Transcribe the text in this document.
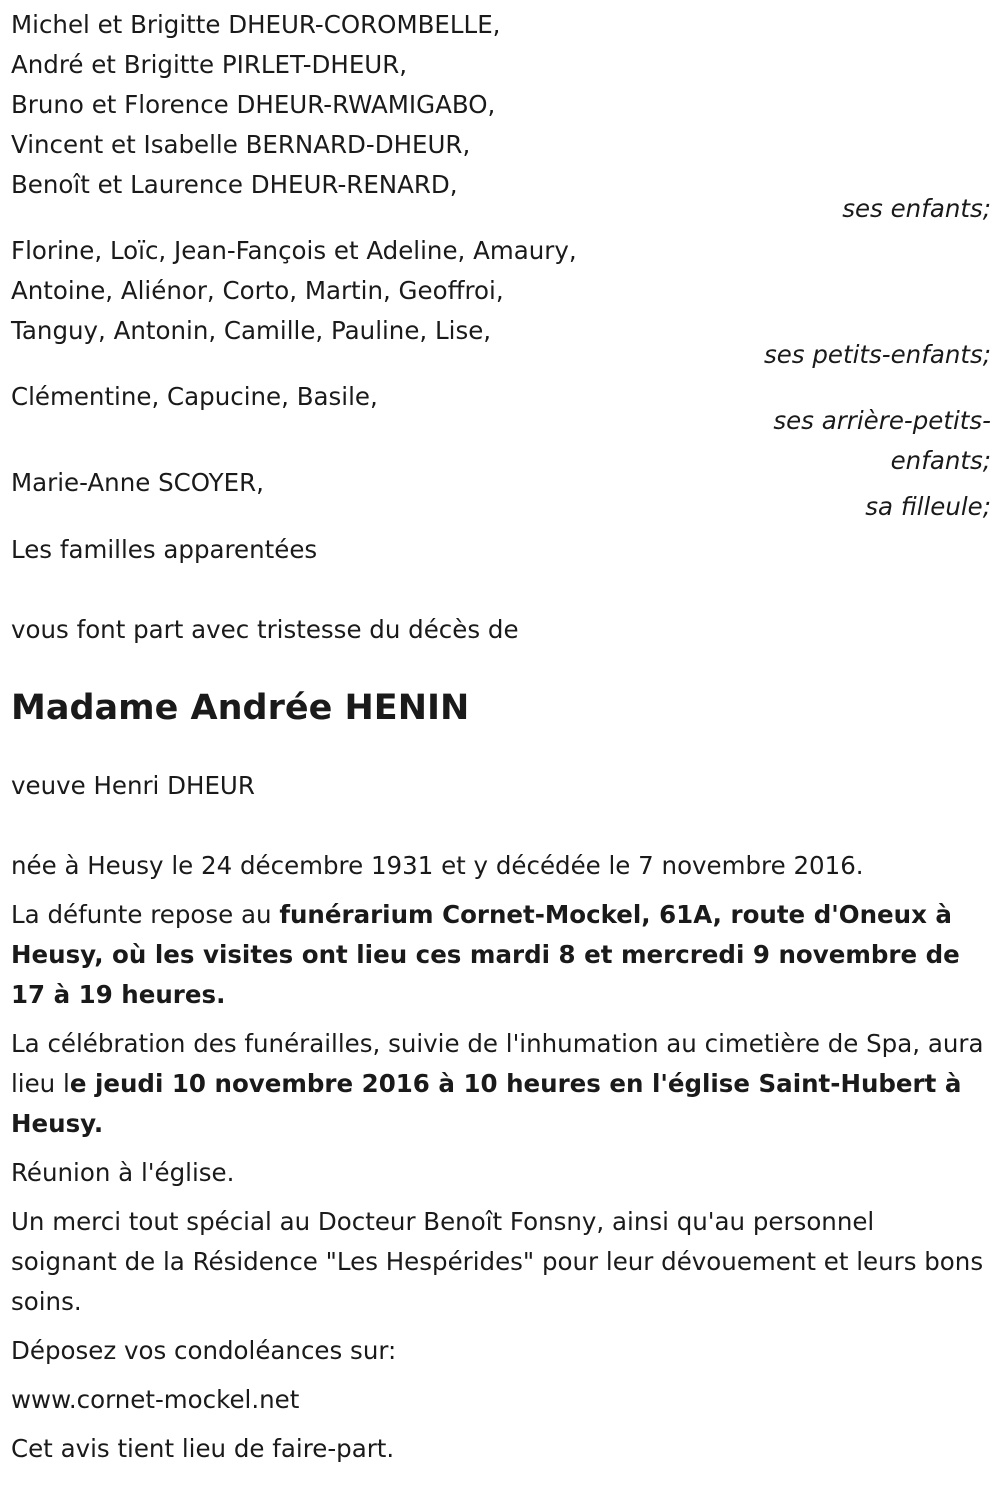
Michel et Brigitte DHEUR-COROMBELLE,
André et Brigitte PIRLET-DHEUR,
Bruno et Florence DHEUR-RWAMIGABO,
Vincent et Isabelle BERNARD-DHEUR,
Benoît et Laurence DHEUR-RENARD,
ses enfants;
Florine, Loïc, Jean-Fançois et Adeline, Amaury,
Antoine, Aliénor, Corto, Martin, Geoffroi,
Tanguy, Antonin, Camille, Pauline, Lise,
ses petits-enfants;
Clémentine, Capucine, Basile,
ses arrière-petits-
enfants;
Marie-Anne SCOYER,
sa filleule;
Les familles apparentées
vous font part avec tristesse du décès de
Madame Andrée HENIN
veuve Henri DHEUR
née à Heusy le 24 décembre 1931 et y décédée le 7 novembre 2016.
La défunte repose au funérarium Cornet-Mockel, 61A, route d'Oneux à Heusy, où les visites ont lieu ces mardi 8 et mercredi 9 novembre de 17 à 19 heures.
La célébration des funérailles, suivie de l'inhumation au cimetière de Spa, aura lieu le jeudi 10 novembre 2016 à 10 heures en l'église Saint-Hubert à Heusy.
Réunion à l'église.
Un merci tout spécial au Docteur Benoît Fonsny, ainsi qu'au personnel soignant de la Résidence "Les Hespérides" pour leur dévouement et leurs bons soins.
Déposez vos condoléances sur:
www.cornet-mockel.net
Cet avis tient lieu de faire-part.
